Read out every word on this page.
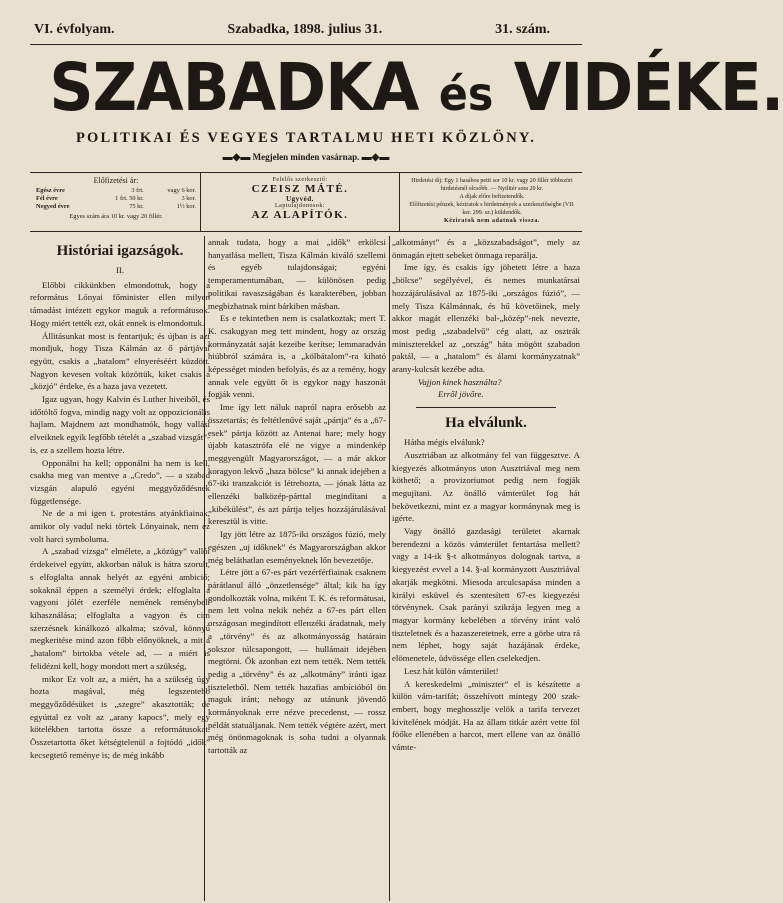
VI. évfolyam.	Szabadka, 1898. julius 31.	31. szám.
SZABADKA és VIDÉKE.
POLITIKAI ÉS VEGYES TARTALMU HETI KÖZLÖNY.
▬◆▬ Megjelen minden vasárnap. ▬◆▬
Előfizetési ár:
Egész évre	3 frt.	vagy 6 kor.
Fél évre	1 frt. 50 kr.	3 kor.
Negyed évre	75 kr.	1½ kor.
Egyes szám ára 10 kr. vagy 20 fillér.
Felelős szerkesztő:
CZEISZ MÁTÉ.
Ugyvéd.
Laptulajdonosok:
AZ ALAPÍTÓK.
Hirdetési díj: Egy 1 hasábos petit sor 10 kr. vagy 20 fillér többszöri hirdetésnél olcsóbb. — Nyilttér sora 20 kr.
A díjak előre befizetendők.
Előfizetési pénzek, kéziratok s hirdetmények a szerkesztőségbe (VII. ker. 299. sz.) küldendők.
Kéziratok nem adatnak vissza.
Históriai igazságok.
II.

Előbbi cikkünkben elmondottuk, hogy a református Lónyai főminister ellen milyen támadást intézett egykor maguk a reformátusok. Hogy miért tették ezt, okát ennek is elmondottuk.

Állitásunkat most is fentartjuk; és újban is azt mondjuk, hogy Tisza Kálmán az ő pártjával együtt, csakis a „hatalom” elnyeréséért küzdött. Nagyon kevesen voltak közöttük, kiket csakis a „közjó” érdeke, és a haza java vezetett.

Igaz ugyan, hogy Kalvin és Luther hiveiből, és időtöltő fogva, mindig nagy volt az oppozicionális hajlam. Majdnem azt mondhatnók, hogy vallási elveiknek egyik legfőbb tételét a „szabad vizsgát”-is, ez a szellem hozta létre.

Opponálni ha kell; opponálni ha nem is kell, csakha meg van mentve a „Credo”, — a szabad vizsgán alapuló egyéni meggyőződésnek függetlensége.

Ne de a mi igen t. protestáns atyánkfiainak, amikor oly vadul neki törtek Lónyainak, nem ez volt harci symboluma.

A „szabad vizsga” elmélete, a „közügy” vallói érdekeivel együtt, akkorban náluk is hátra szorult, s elfoglalta annak helyét az egyéni ambició; sokaknál éppen a személyi érdek; elfoglalta a vagyoni jólét ezerféle nemének reménybeli kihasználása; elfoglalta a vagyon és cim szerzésnek kínálkozó alkalma; szóval, könnyű megkeritése mind azon főbb előnyöknek, a mit a „hatalom” birtokba vétele ad, — a miért is felidézni kell, hogy mondott mert a szükség,

mikor Ez volt az, a miért, ha a szükség úgy hozta magával, még legszentebb meggyőződésüket is „szegre” akasztották; de egyúttal ez volt az „arany kapocs”, mely egy kötelékben tartotta össze a reformátusokat. Összetartotta őket kétségtelenül a fojtódó „idők” kecsegtető reménye is; de még inkább

annak tudata, hogy a mai „idők” erkölcsi hanyatlása mellett, Tisza Kálmán kiváló szellemi és egyéb tulajdonságai; egyéni temperamentumában, — különösen pedig politikai ravaszságában és karakterében, jobban megbizhatnak mint bárkiben másban.

Es e tekintetben nem is csalatkoztak; mert T. K. csakugyan meg tett mindent, hogy az ország kormányzatát saját kezeibe kerítse; lemmaradván hiúbbról számára is, a „kölbátalom”-ra kiható képességet minden befolyás, és az a remény, hogy annak vele együtt őt is egykor nagy haszonát fogják venni.

Ime így lett náluk napról napra erősebb az összetartás; és feltétlenűvé saját „pártja” és a „67-esek” pártja között az Antenai hare; mely hogy újabb katasztrófa elé ne vigye a mindenkép meggyengült Magyarországot, — a már akkor koragyon lekvő „haza bölcse” ki annak idejében a 67-iki tranzakciót is létrehozta, — jónak látta az ellenzéki balközép-párttal megindítani a „kibékülést”, és azt pártja teljes hozzájárulásával keresztül is vitte.

Igy jött létre az 1875-iki országos fúzió, mely egészen „uj időknek” és Magyarországban akkor még beláthatlan eseményeknek lőn bevezetője.

Létre jött a 67-es párt vezérférfiainak csaknem párátlanul álló „önzetlensége” által; kik ha így gondolkozták volna, miként T. K. és reformátusai, nem lett volna nekik nehéz a 67-es párt ellen országosan megindított ellenzéki áradatnak, mely a „törvény” és az alkotmányosság határain sokszor túlcsapongott, — hullámait idejében megtörni. Ők azonban ezt nem tették. Nem tették pedig a „törvény” és az „alkotmány” iránti igaz tiszteletből. Nem tették hazafias ambícióból ön maguk iránt; nehogy az utánunk jövendő kormányoknak erre nézve precedenst, — rossz példát statuáljanak. Nem tették végtére azért, mert még önönmagoknak is soha tudni a olyannak tartották az

„alkotmányt” és a „közszabadságot”, mely az önmagán ejtett sebeket önmaga reparálja.

Ime így, és csakis így jöhetett létre a haza „bölcse” segélyével, és nemes munkatársai hozzájárulásával az 1875-iki „országos fúzió”, — mely Tisza Kálmánnak, és hű követőinek, mely akkor magát ellenzéki bal-„közép”-nek nevezte, most pedig „szabadelvű” cég alatt, az osztrák miniszterekkel az „ország” háta mögött szabadon paktál, — a „hatalom” és álami kormányzatnak” arany-kulcsát kezébe adta.

Vajjon kinek használta?

Erről jövőre.

Ha elválunk.

Hátha mégis elválunk?

Ausztriában az alkotmány fel van függesztve. A kiegyezés alkotmányos uton Ausztriával meg nem köthető; a provizoriumot pedig nem fogják megujítani. Az önálló vámterület fog hát bekövetkezni, mint ez a magyar kormánynak meg is igérte.

Vagy önálló gazdasági területet akarnak berendezni a közös vámterület fentartása mellett? vagy a 14-ik §-t alkotmányos dolognak tartva, a kiegyezést evvel a 14. §-al kormányzott Ausztriával akarják megkötni. Miesoda arculcsapása minden a királyi esküvel és szentesített 67-es kiegyezési törvénynek. Csak parányi szikrája legyen meg a magyar kormány kebelében a törvény iránt való tiszteletnek és a hazaszeretetnek, erre a görbe utra rá nem léphet, hogy saját hazájának érdeke, elömenetele, üdvössége ellen cselekedjen.

Lesz hát külön vámterület!

A kereskedelmi „miniszter” el is készítette a külön vám-tarifát; összehívott mintegy 200 szak-embert, hogy meghosszlje velök a tarifa tervezet kivitelének módját. Ha az állam titkár azért vette föl föőke ellenében a harcot, mert ellene van az önálló vámte-
